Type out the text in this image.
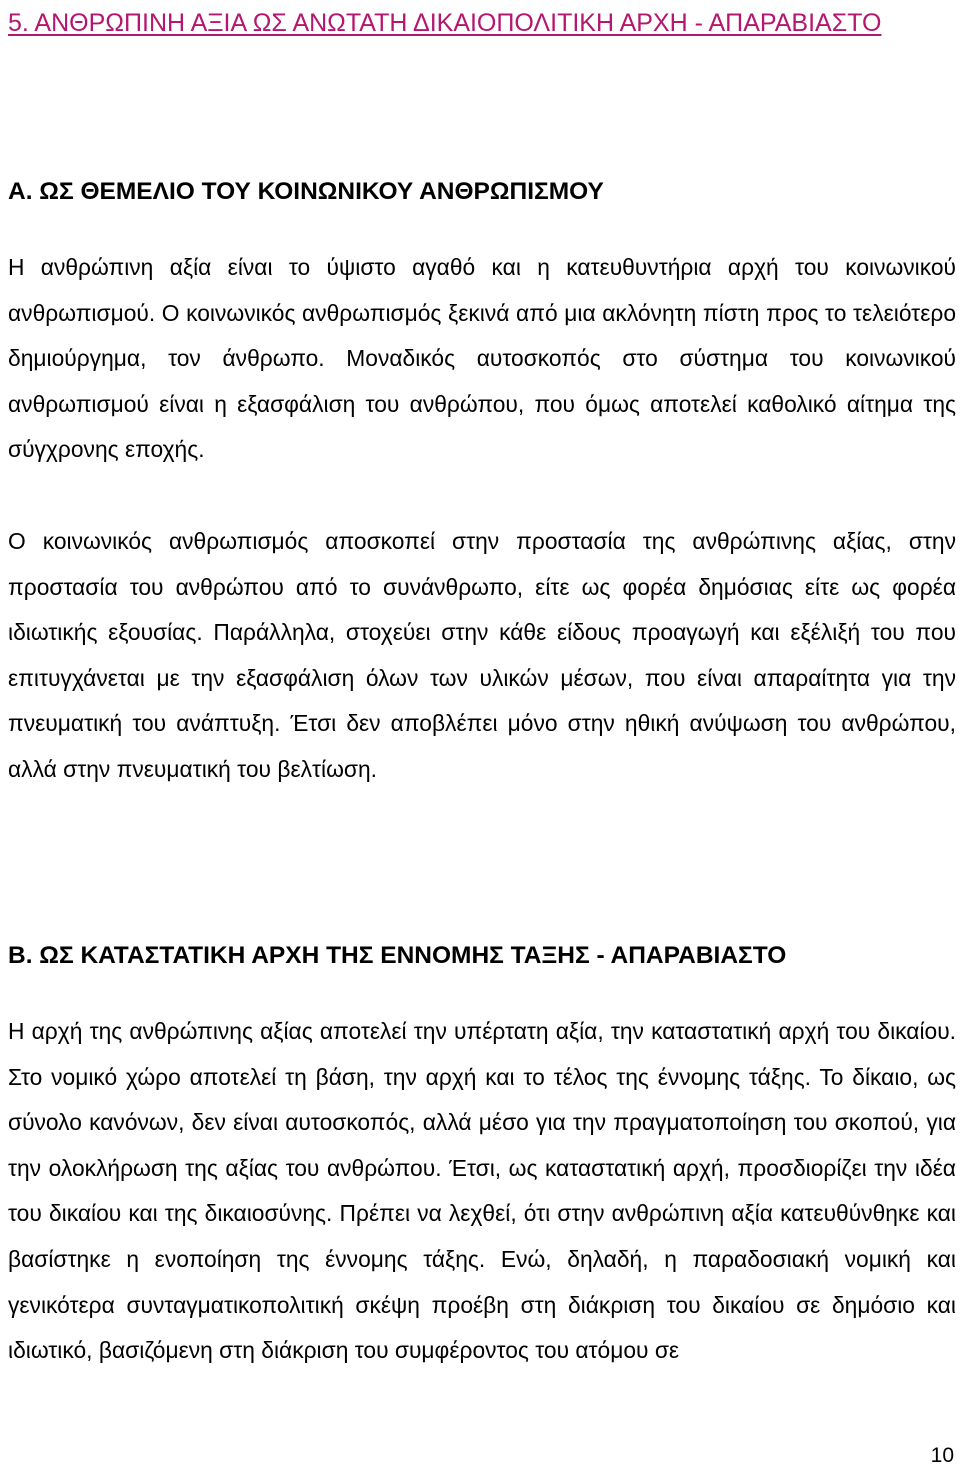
5. ΑΝΘΡΩΠΙΝΗ ΑΞΙΑ ΩΣ ΑΝΩΤΑΤΗ ΔΙΚΑΙΟΠΟΛΙΤΙΚΗ ΑΡΧΗ - ΑΠΑΡΑΒΙΑΣΤΟ
Α. ΩΣ ΘΕΜΕΛΙΟ ΤΟΥ ΚΟΙΝΩΝΙΚΟΥ ΑΝΘΡΩΠΙΣΜΟΥ

Η ανθρώπινη αξία είναι το ύψιστο αγαθό και η κατευθυντήρια αρχή του κοινωνικού ανθρωπισμού. Ο κοινωνικός ανθρωπισμός ξεκινά από μια ακλόνητη πίστη προς το τελειότερο δημιούργημα, τον άνθρωπο. Μοναδικός αυτοσκοπός στο σύστημα του κοινωνικού ανθρωπισμού είναι η εξασφάλιση του ανθρώπου, που όμως αποτελεί καθολικό αίτημα της σύγχρονης εποχής.

Ο κοινωνικός ανθρωπισμός αποσκοπεί στην προστασία της ανθρώπινης αξίας, στην προστασία του ανθρώπου από το συνάνθρωπο, είτε ως φορέα δημόσιας είτε ως φορέα ιδιωτικής εξουσίας. Παράλληλα, στοχεύει στην κάθε είδους προαγωγή και εξέλιξή του που επιτυγχάνεται με την εξασφάλιση όλων των υλικών μέσων, που είναι απαραίτητα για την πνευματική του ανάπτυξη. Έτσι δεν αποβλέπει μόνο στην ηθική ανύψωση του ανθρώπου, αλλά στην πνευματική του βελτίωση.

Β. ΩΣ ΚΑΤΑΣΤΑΤΙΚΗ ΑΡΧΗ ΤΗΣ ΕΝΝΟΜΗΣ ΤΑΞΗΣ - ΑΠΑΡΑΒΙΑΣΤΟ

Η αρχή της ανθρώπινης αξίας αποτελεί την υπέρτατη αξία, την καταστατική αρχή του δικαίου. Στο νομικό χώρο αποτελεί τη βάση, την αρχή και το τέλος της έννομης τάξης. Το δίκαιο, ως σύνολο κανόνων, δεν είναι αυτοσκοπός, αλλά μέσο για την πραγματοποίηση του σκοπού, για την ολοκλήρωση της αξίας του ανθρώπου. Έτσι, ως καταστατική αρχή, προσδιορίζει την ιδέα του δικαίου και της δικαιοσύνης. Πρέπει να λεχθεί, ότι στην ανθρώπινη αξία κατευθύνθηκε και βασίστηκε η ενοποίηση της έννομης τάξης. Ενώ, δηλαδή, η παραδοσιακή νομική και γενικότερα συνταγματικοπολιτική σκέψη προέβη στη διάκριση του δικαίου σε δημόσιο και ιδιωτικό, βασιζόμενη στη διάκριση του συμφέροντος του ατόμου σε

10
